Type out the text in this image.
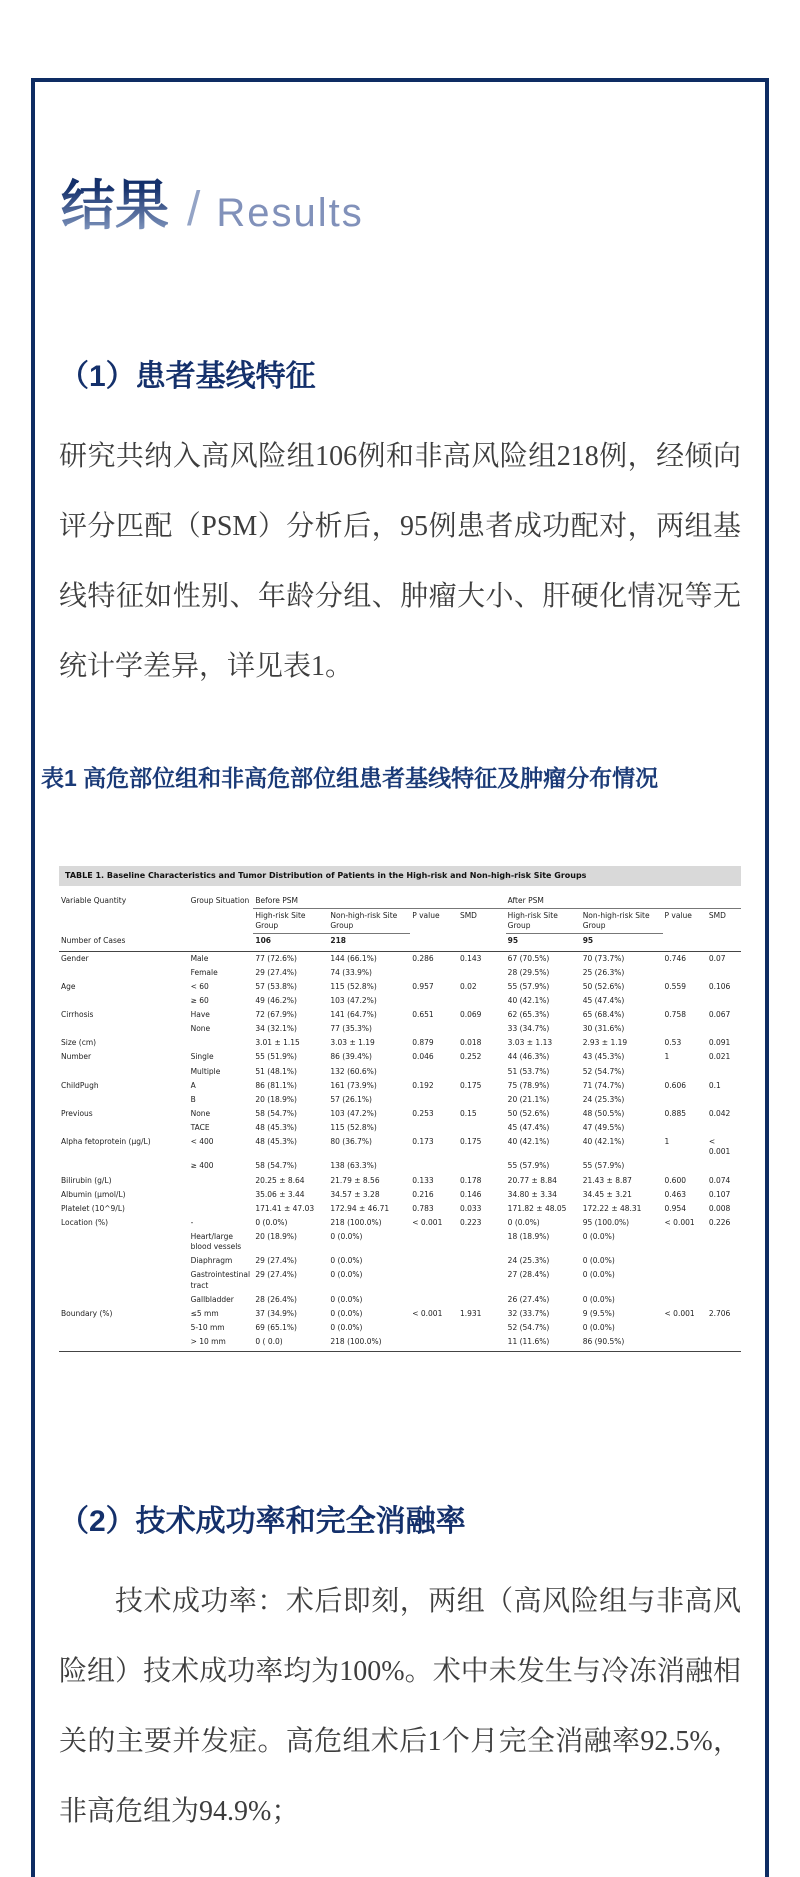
结果 / Results
（1）患者基线特征

研究共纳入高风险组106例和非高风险组218例，经倾向评分匹配（PSM）分析后，95例患者成功配对，两组基线特征如性别、年龄分组、肿瘤大小、肝硬化情况等无统计学差异，详见表1。

表1 高危部位组和非高危部位组患者基线特征及肿瘤分布情况
TABLE 1. Baseline Characteristics and Tumor Distribution of Patients in the High-risk and Non-high-risk Site Groups
Variable Quantity	Group Situation	Before PSM				After PSM			
		High-risk Site Group	Non-high-risk Site Group	P value	SMD	High-risk Site Group	Non-high-risk Site Group	P value	SMD
Number of Cases		106	218			95	95		
Gender	Male	77 (72.6%)	144 (66.1%)	0.286	0.143	67 (70.5%)	70 (73.7%)	0.746	0.07
	Female	29 (27.4%)	74 (33.9%)			28 (29.5%)	25 (26.3%)		
Age	< 60	57 (53.8%)	115 (52.8%)	0.957	0.02	55 (57.9%)	50 (52.6%)	0.559	0.106
	≥ 60	49 (46.2%)	103 (47.2%)			40 (42.1%)	45 (47.4%)		
Cirrhosis	Have	72 (67.9%)	141 (64.7%)	0.651	0.069	62 (65.3%)	65 (68.4%)	0.758	0.067
	None	34 (32.1%)	77 (35.3%)			33 (34.7%)	30 (31.6%)		
Size (cm)		3.01 ± 1.15	3.03 ± 1.19	0.879	0.018	3.03 ± 1.13	2.93 ± 1.19	0.53	0.091
Number	Single	55 (51.9%)	86 (39.4%)	0.046	0.252	44 (46.3%)	43 (45.3%)	1	0.021
	Multiple	51 (48.1%)	132 (60.6%)			51 (53.7%)	52 (54.7%)		
ChildPugh	A	86 (81.1%)	161 (73.9%)	0.192	0.175	75 (78.9%)	71 (74.7%)	0.606	0.1
	B	20 (18.9%)	57 (26.1%)			20 (21.1%)	24 (25.3%)		
Previous	None	58 (54.7%)	103 (47.2%)	0.253	0.15	50 (52.6%)	48 (50.5%)	0.885	0.042
	TACE	48 (45.3%)	115 (52.8%)			45 (47.4%)	47 (49.5%)		
Alpha fetoprotein (μg/L)	< 400	48 (45.3%)	80 (36.7%)	0.173	0.175	40 (42.1%)	40 (42.1%)	1	< 0.001
	≥ 400	58 (54.7%)	138 (63.3%)			55 (57.9%)	55 (57.9%)		
Bilirubin (g/L)		20.25 ± 8.64	21.79 ± 8.56	0.133	0.178	20.77 ± 8.84	21.43 ± 8.87	0.600	0.074
Albumin (μmol/L)		35.06 ± 3.44	34.57 ± 3.28	0.216	0.146	34.80 ± 3.34	34.45 ± 3.21	0.463	0.107
Platelet (10^9/L)		171.41 ± 47.03	172.94 ± 46.71	0.783	0.033	171.82 ± 48.05	172.22 ± 48.31	0.954	0.008
Location (%)	-	0 (0.0%)	218 (100.0%)	< 0.001	0.223	0 (0.0%)	95 (100.0%)	< 0.001	0.226
	Heart/large blood vessels	20 (18.9%)	0 (0.0%)			18 (18.9%)	0 (0.0%)		
	Diaphragm	29 (27.4%)	0 (0.0%)			24 (25.3%)	0 (0.0%)		
	Gastrointestinal tract	29 (27.4%)	0 (0.0%)			27 (28.4%)	0 (0.0%)		
	Gallbladder	28 (26.4%)	0 (0.0%)			26 (27.4%)	0 (0.0%)		
Boundary (%)	≤5 mm	37 (34.9%)	0 (0.0%)	< 0.001	1.931	32 (33.7%)	9 (9.5%)	< 0.001	2.706
	5-10 mm	69 (65.1%)	0 (0.0%)			52 (54.7%)	0 (0.0%)		
	> 10 mm	0 ( 0.0)	218 (100.0%)			11 (11.6%)	86 (90.5%)		
（2）技术成功率和完全消融率

技术成功率：术后即刻，两组（高风险组与非高风险组）技术成功率均为100%。术中未发生与冷冻消融相关的主要并发症。高危组术后1个月完全消融率92.5%，非高危组为94.9%；
